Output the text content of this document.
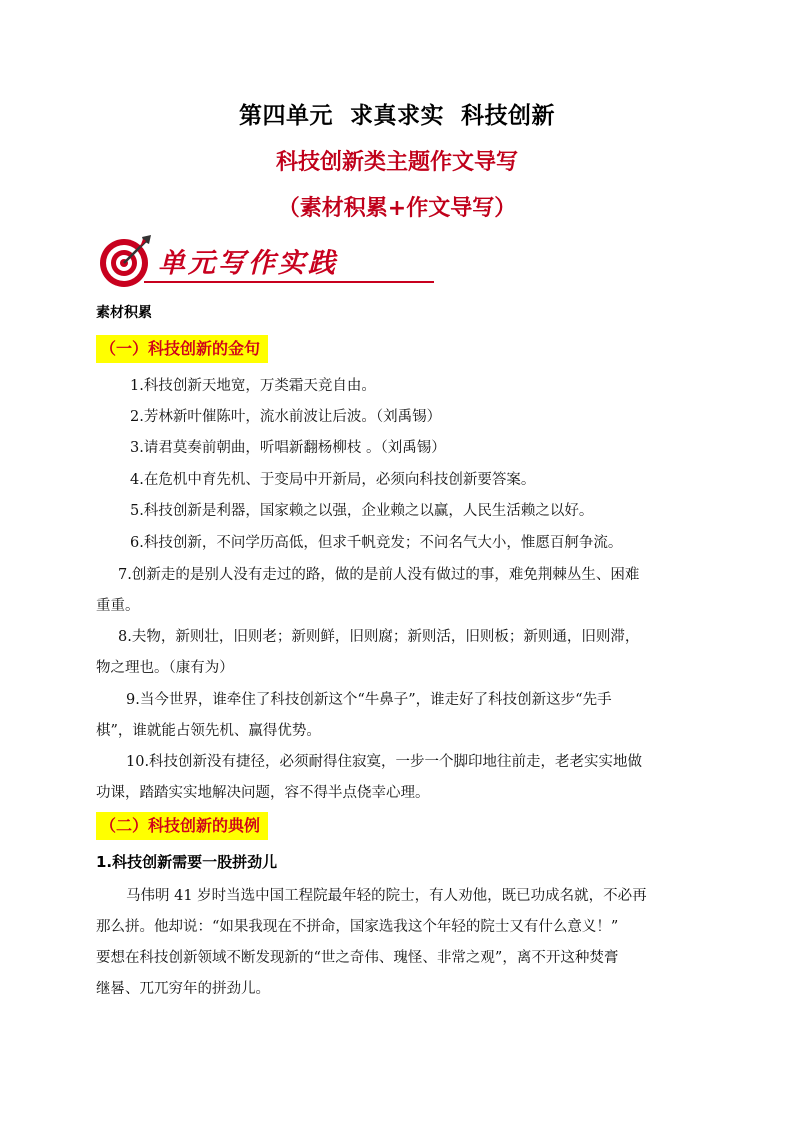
第四单元  求真求实  科技创新
科技创新类主题作文导写
（素材积累+作文导写）
单元写作实践
素材积累
（一）科技创新的金句
1.科技创新天地宽，万类霜天竞自由。
2.芳林新叶催陈叶，流水前波让后波。（刘禹锡）
3.请君莫奏前朝曲，听唱新翻杨柳枝 。（刘禹锡）
4.在危机中育先机、于变局中开新局，必须向科技创新要答案。
5.科技创新是利器，国家赖之以强，企业赖之以赢，人民生活赖之以好。
6.科技创新，不问学历高低，但求千帆竞发；不问名气大小，惟愿百舸争流。
7.创新走的是别人没有走过的路，做的是前人没有做过的事，难免荆棘丛生、困难
重重。
8.夫物，新则壮，旧则老；新则鲜，旧则腐；新则活，旧则板；新则通，旧则滞，
物之理也。（康有为）
9.当今世界，谁牵住了科技创新这个“牛鼻子”，谁走好了科技创新这步“先手
棋”，谁就能占领先机、赢得优势。
10.科技创新没有捷径，必须耐得住寂寞，一步一个脚印地往前走，老老实实地做
功课，踏踏实实地解决问题，容不得半点侥幸心理。
（二）科技创新的典例
1.科技创新需要一股拼劲儿
马伟明 41 岁时当选中国工程院最年轻的院士，有人劝他，既已功成名就，不必再
那么拼。他却说：“如果我现在不拼命，国家选我这个年轻的院士又有什么意义！”
要想在科技创新领域不断发现新的“世之奇伟、瑰怪、非常之观”，离不开这种焚膏
继晷、兀兀穷年的拼劲儿。
